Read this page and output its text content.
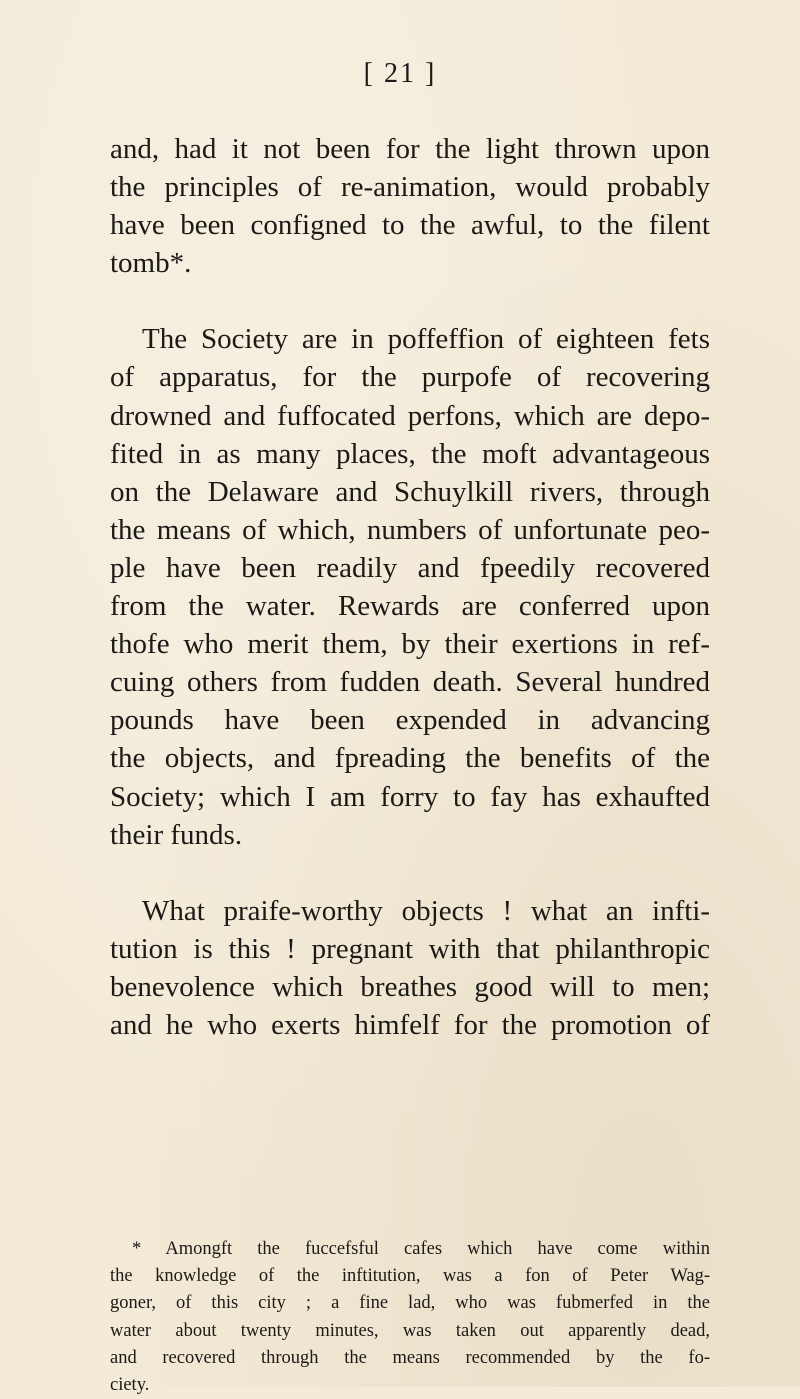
[ 21 ]

and, had it not been for the light thrown upon
the principles of re-animation, would probably
have been configned to the awful, to the filent
tomb*.

The Society are in poffeffion of eighteen fets
of apparatus, for the purpofe of recovering
drowned and fuffocated perfons, which are depo-
fited in as many places, the moft advantageous
on the Delaware and Schuylkill rivers, through
the means of which, numbers of unfortunate peo-
ple have been readily and fpeedily recovered
from the water. Rewards are conferred upon
thofe who merit them, by their exertions in ref-
cuing others from fudden death. Several hundred
pounds have been expended in advancing
the objects, and fpreading the benefits of the
Society; which I am forry to fay has exhaufted
their funds.

What praife-worthy objects ! what an infti-
tution is this ! pregnant with that philanthropic
benevolence which breathes good will to men;
and he who exerts himfelf for the promotion of

* Amongft the fuccefsful cafes which have come within
the knowledge of the inftitution, was a fon of Peter Wag-
goner, of this city ; a fine lad, who was fubmerfed in the
water about twenty minutes, was taken out apparently dead,
and recovered through the means recommended by the fo-
ciety.
